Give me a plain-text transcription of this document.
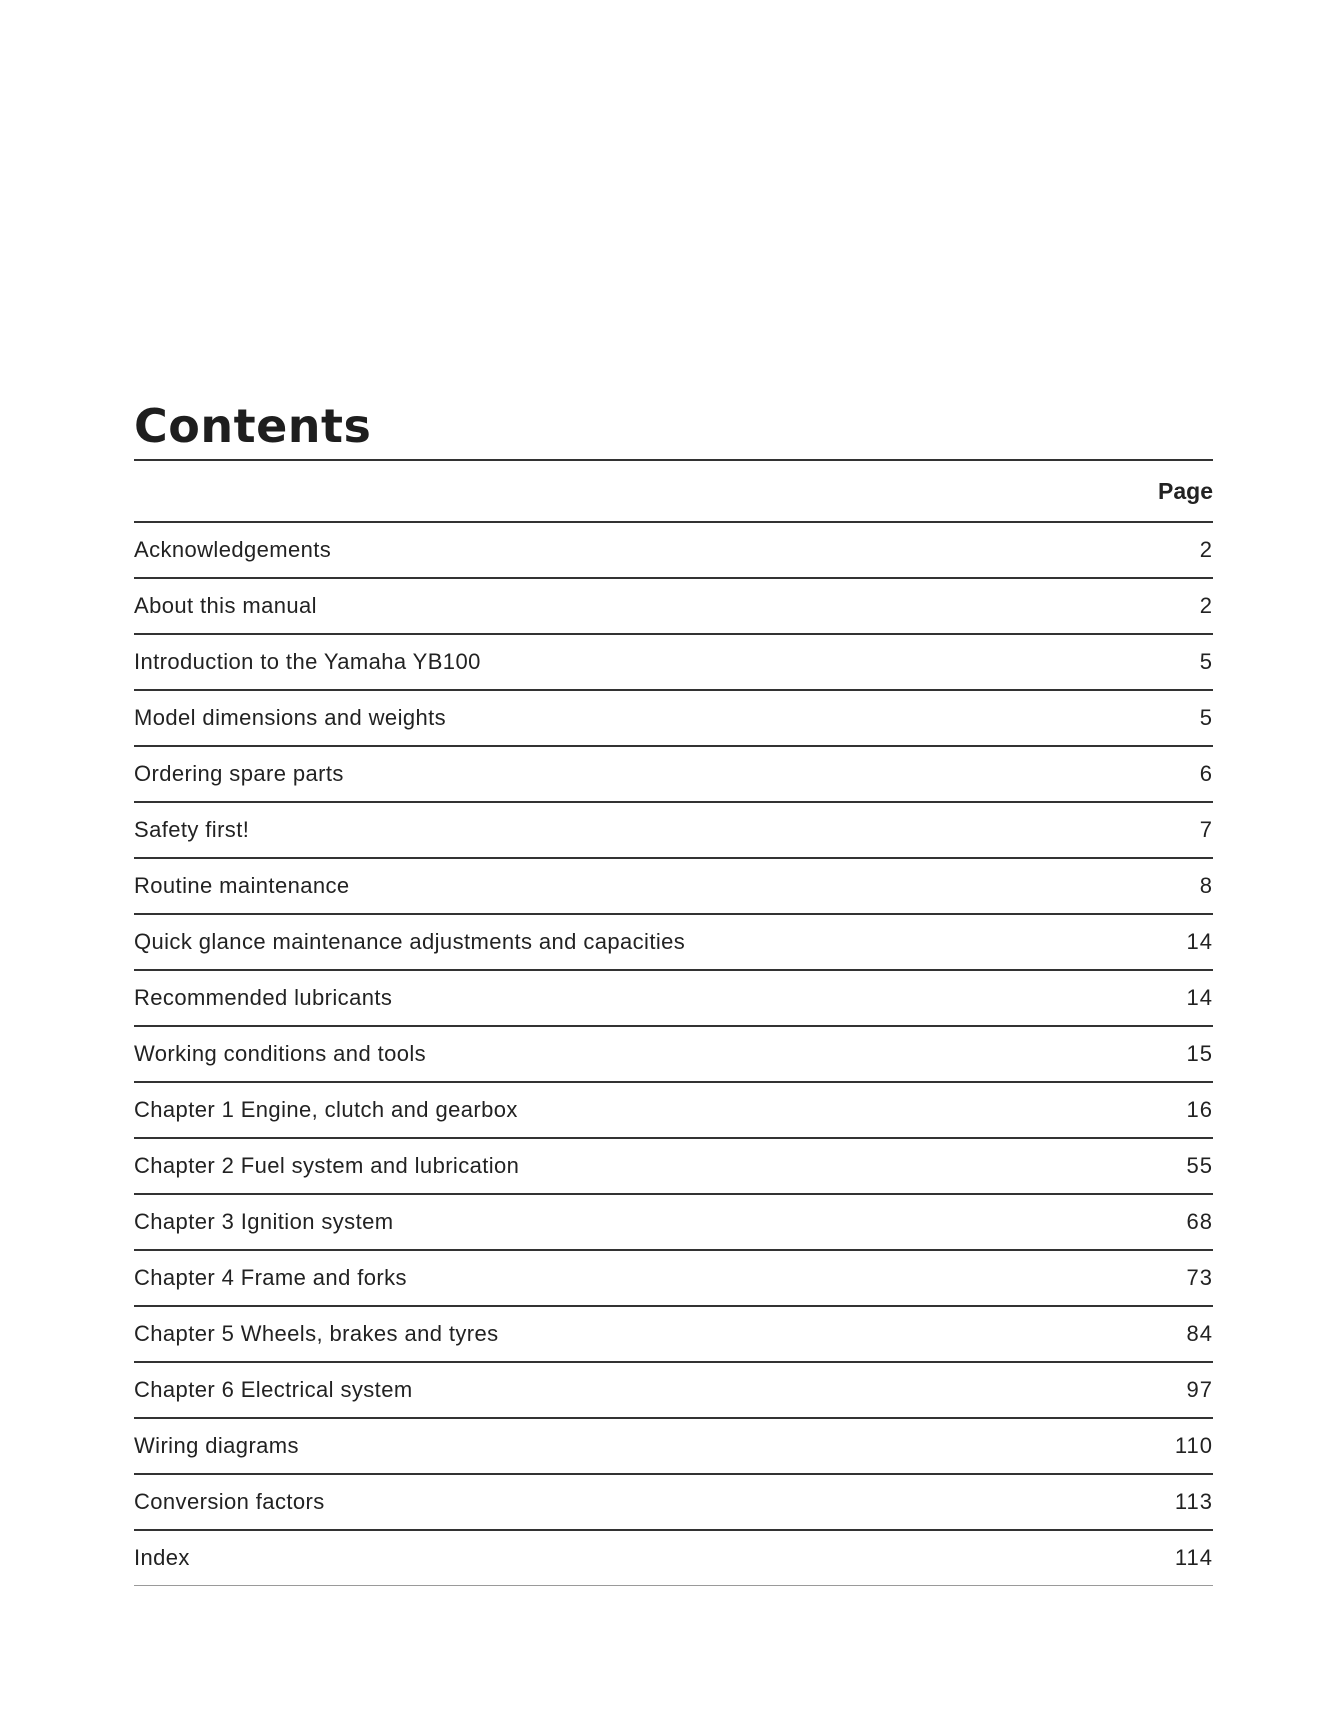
Contents
Page
Acknowledgements	2
About this manual	2
Introduction to the Yamaha YB100	5
Model dimensions and weights	5
Ordering spare parts	6
Safety first!	7
Routine maintenance	8
Quick glance maintenance adjustments and capacities	14
Recommended lubricants	14
Working conditions and tools	15
Chapter 1 Engine, clutch and gearbox	16
Chapter 2 Fuel system and lubrication	55
Chapter 3 Ignition system	68
Chapter 4 Frame and forks	73
Chapter 5 Wheels, brakes and tyres	84
Chapter 6 Electrical system	97
Wiring diagrams	110
Conversion factors	113
Index	114
